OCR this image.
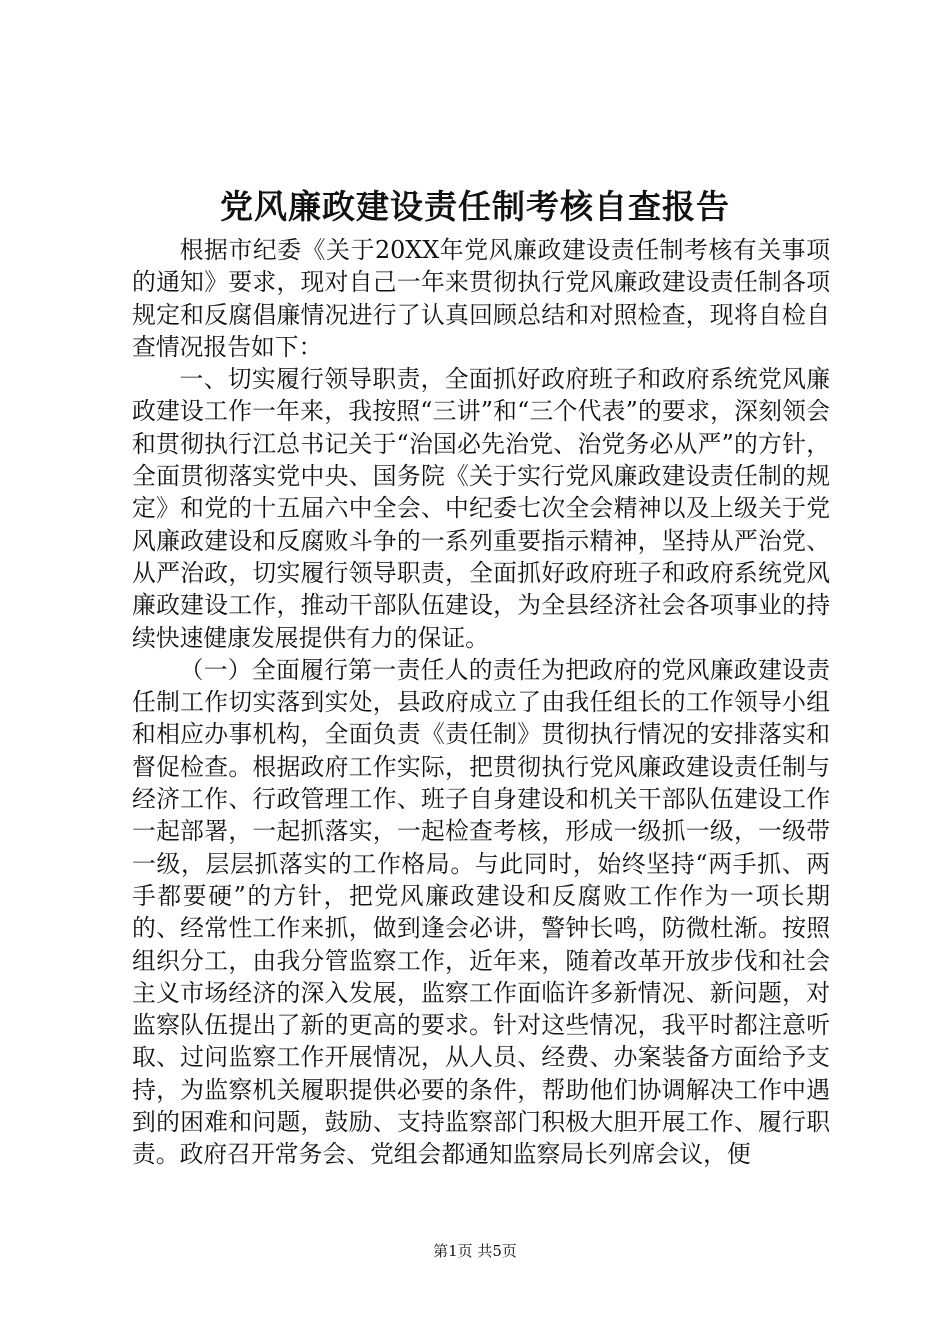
党风廉政建设责任制考核自查报告

根据市纪委《关于20XX年党风廉政建设责任制考核有关事项的通知》要求，现对自己一年来贯彻执行党风廉政建设责任制各项规定和反腐倡廉情况进行了认真回顾总结和对照检查，现将自检自查情况报告如下：

一、切实履行领导职责，全面抓好政府班子和政府系统党风廉政建设工作一年来，我按照“三讲”和“三个代表”的要求，深刻领会和贯彻执行江总书记关于“治国必先治党、治党务必从严”的方针，全面贯彻落实党中央、国务院《关于实行党风廉政建设责任制的规定》和党的十五届六中全会、中纪委七次全会精神以及上级关于党风廉政建设和反腐败斗争的一系列重要指示精神，坚持从严治党、从严治政，切实履行领导职责，全面抓好政府班子和政府系统党风廉政建设工作，推动干部队伍建设，为全县经济社会各项事业的持续快速健康发展提供有力的保证。

（一）全面履行第一责任人的责任为把政府的党风廉政建设责任制工作切实落到实处，县政府成立了由我任组长的工作领导小组和相应办事机构，全面负责《责任制》贯彻执行情况的安排落实和督促检查。根据政府工作实际，把贯彻执行党风廉政建设责任制与经济工作、行政管理工作、班子自身建设和机关干部队伍建设工作一起部署，一起抓落实，一起检查考核，形成一级抓一级，一级带一级，层层抓落实的工作格局。与此同时，始终坚持“两手抓、两手都要硬”的方针，把党风廉政建设和反腐败工作作为一项长期的、经常性工作来抓，做到逢会必讲，警钟长鸣，防微杜渐。按照组织分工，由我分管监察工作，近年来，随着改革开放步伐和社会主义市场经济的深入发展，监察工作面临许多新情况、新问题，对监察队伍提出了新的更高的要求。针对这些情况，我平时都注意听取、过问监察工作开展情况，从人员、经费、办案装备方面给予支持，为监察机关履职提供必要的条件，帮助他们协调解决工作中遇到的困难和问题，鼓励、支持监察部门积极大胆开展工作、履行职责。政府召开常务会、党组会都通知监察局长列席会议，便

第1页 共5页
